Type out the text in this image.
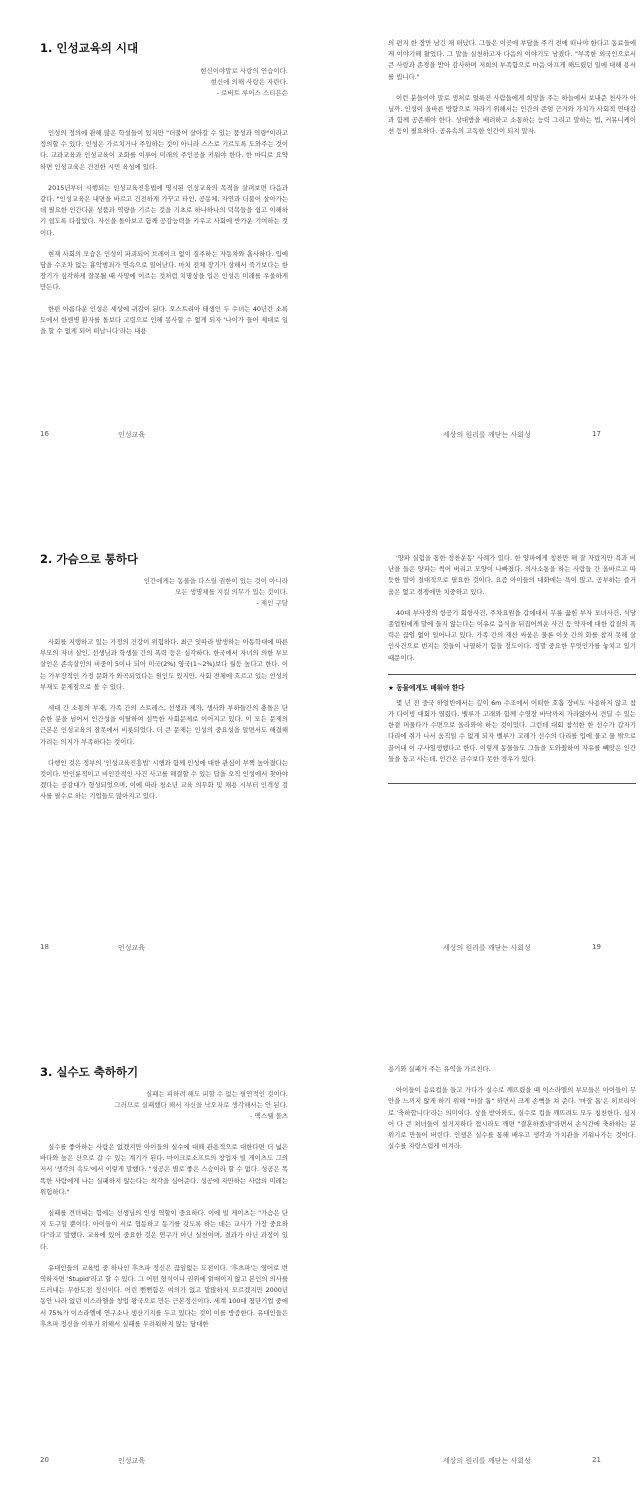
1. 인성교육의 시대
현신이야말로 사랑의 연습이다.
현신에 의해 사랑은 자란다.
- 로버트 루이스 스티븐슨

인성의 정의에 관해 많은 학설들이 있지만 "더불어 살아갈 수 있는 품성과 역량"이라고 정의할 수 있다. 인성은 가르치거나 주입하는 것이 아니라 스스로 기르도록 도와주는 것이다. 교과교육과 인성교육이 조화를 이루어 미래의 주인공을 키워야 한다. 한 마디로 요약하면 인성교육은 건전한 시민 육성에 있다.

2015년부터 시행되는 인성교육진흥법에 명시된 인성교육의 목적을 살펴보면 다음과 같다. "인성교육은 내면을 바르고 건전하게 가꾸고 타인, 공동체, 자연과 더불어 살아가는 데 필요한 인간다운 성품과 역량을 기르는 것을 기초로 하나하나의 덕목들을 쉽고 이해하기 쉽도록 다잡았다. 자신을 돌아보고 함께 공감능력을 키우고 사회에 반가운 기여하는 것이다.

현재 사회의 모습은 인성이 파괴되어 브레이크 없이 질주하는 자동차와 흡사하다. 입에 담을 수조차 없는 흉악범죄가 연속으로 일어난다. 마치 전체 장기가 상해서 죽기보다는 한 장기가 심각하게 잘못될 때 사망에 이르는 것처럼 치명상을 입은 인성은 미래를 우울하게 만든다.

한편 아름다운 인성은 세상에 귀감이 된다. 오스트리아 태생인 두 수녀는 40년간 소록도에서 한센병 환자를 돌보다 고령으로 인해 봉사할 수 없게 되자 '나이가 들어 제대로 일을 할 수 없게 되어 떠납니다'라는 내용

16	인성교육

의 편지 한 장만 남긴 채 떠났다. 그들은 이곳에 부담을 주기 전에 떠나야 한다고 동료들에게 이야기해 왔었다. 그 말을 실천하고자 다음의 이야기도 남겼다. "부족한 외국인으로서 큰 사랑과 존경을 받아 감사하며 저희의 부족함으로 마음 아프게 해드렸던 일에 대해 용서를 빕니다."

이런 분들이야 말로 생처로 얼룩진 사람들에게 희망을 주는 하늘에서 보내준 천사가 아닐까. 인성이 올바른 방향으로 자라기 위해서는 인간의 존엄 근거와 가치가 사회적 연대감과 함께 공존해야 한다. 상대방을 배려하고 소통하는 능력 그리고 말하는 법, 커뮤니케이션 등이 필요하다. 공유속의 고독한 인간이 되지 말자.

세상의 원리를 깨닫는 사회성	17
2. 가슴으로 통하다
인간에게는 동물을 다스릴 권한이 있는 것이 아니라
모든 생명체를 지킬 의무가 있는 것이다.
- 제인 구달

사회를 지탱하고 있는 가정의 건강이 위험하다. 최근 잇따라 발생하는 아동학대에 따른 부모의 자녀 살인, 선생님과 학생들 간의 폭력 등은 심각하다. 한국에서 자녀의 의한 부모 살인은 존속살인의 비중이 5이나 되어 미국(2%) 영국(1~2%)보다 월등 높다고 한다. 이는 가부장적인 가정 문화가 와곡되었다는 원인도 있지만, 사회 전체에 흐르고 있는 인성의 부재도 문제점으로 볼 수 있다.

세대 간 소통의 부재, 가족 간의 스트레스, 선생과 제자, 생사와 부하들간의 충돌은 단순한 분을 넘어서 인간성을 이탈하여 섬뜩한 사회문제로 이어지고 있다. 이 모든 문제의 근본은 인성교육의 잘못에서 비롯되었다. 더 큰 문제는 인성의 중요성을 알면서도 해결해가려는 의지가 부족하다는 것이다.

다행인 것은 정부의 '인성교육진흥법' 시행과 함께 인성에 대한 관심이 부쩍 높아졌다는 것이다. 반인륜적이고 비인간적인 사건 사고를 해결할 수 있는 답을 오직 인성에서 찾아야겠다는 공감대가 형성되었으며, 이에 따라 청소년 교육 의무화 및 채용 시부터 인격성 검사를 필수로 하는 기업들도 많아지고 있다.

18	인성교육

'양파 실험을 통한 정찬운동' 사례가 있다. 한 양파에게 칭찬만 해 잘 자랐지만 욕과 비난을 들은 양파는 썩어 버리고 모양이 나빠졌다. 의사소통을 하는 사람들 간 올바르고 따듯한 말이 절대적으로 필요한 것이다. 요즘 아이들의 대화에는 욕이 많고, 공부하는 즐거움은 없고 경쟁에만 치중하고 있다.

40대 부사장의 항공기 회항사건, 주차요원을 갑에대서 무릎 꿇힌 부자 모녀사건, 식당 종업원에게 말에 들지 않는다는 이유로 음식을 뒤집어씌운 사건 등 약자에 대한 갑질의 폭력은 끊임 없이 일어나고 있다. 가족 간의 재산 싸움은 물론 이웃 간의 화를 참지 못해 살인사건으로 번지는 것들이 나열하기 힘들 정도이다. 정말 중요한 무엇인가를 놓치고 있기 때문이다.

★ 동물에게도 배워야 한다

몇 년 전 중국 하얼빈에서는 깊이 6m 수조에서 어떠한 호흡 장비도 사용하지 않고 참가 다이빙 대회가 열렸다. 벨루가 고래와 함께 수영장 바닥까지 가라앉아서 견딜 수 있는 한곁 머물다가 수면으로 올라와야 하는 것이었다. 그런데 대회 참석한 한 선수가 갑자기 다리에 쥐가 나서 움직일 수 없게 되자 벨루가 고래가 선수의 다리를 입에 물고 물 밖으로 끌어내 이 구사일생했다고 한다. 이렇게 동물들도 그들을 도와줬하여 자유를 빼앗은 인간들을 돕고 사는데, 인간은 금수보다 못한 경우가 있다.

세상의 원리를 깨닫는 사회성	19
3. 실수도 축하하기
실패는 피하려 해도 피할 수 없는 필연적인 것이다.
그러므로 실패했다 해서 자신을 낙오자로 생각해서는 안 된다.
- 맥스웰 몰츠

실수를 좋아하는 사람은 없겠지만 아이들의 실수에 대해 관용적으로 대한다면 더 넓은 바다와 높은 산으로 갈 수 있는 계기가 된다. 마이크로소프트의 창업자 빌 게이츠도 그의 저서 '생각의 속도'에서 이렇게 말했다. "성공은 별로 좋은 스승이라 할 수 없다. 성공은 똑똑한 사람에게 나는 실패하지 않는다는 착각을 심어준다. 성공에 자만하는 사람의 미래는 위험하다."

실패를 견뎌내는 힘에는 선생님의 인성 역할이 중요하다. 이에 빌 게이츠는 "가슴은 단지 도구일 뿐이다. 아이들이 서로 협동하고 동기를 갖도록 하는 데는 교사가 가장 중요하다"라고 말했다. 교육에 있어 중요한 것은 연구가 아닌 실천이며, 결과가 아닌 과정이 있다.

유대인들의 교육법 중 하나인 후츠파 정신은 끊임없는 도전이다. '후츠파'는 영어로 번역하자면 'Stupid'라고 할 수 있다. 그 어떤 형식이나 권위에 얽매이지 않고 본인의 의사를 드러내는 무한도전 정신이다. 어린 뻔뻔함은 여의가 없고 말많하지 모르겠지만 2000년 동안 나라 없던 이스라엘을 창업 왕국으로 만든 근본정신이다. 세계 100대 첨단기업 중에서 75%가 이스라엘에 연구소나 생산기지를 두고 있다는 것이 이를 방증한다. 유대인들은 후츠파 정신을 이루기 위해서 실패를 두려워하지 않는 담대한

20	인성교육

용기와 실패가 주는 유익을 가르친다.

아이들이 음료컵을 들고 가다가 실수로 깨뜨렸을 때 이스라엘의 부모들은 아이들이 무안을 느끼지 않게 하기 위해 "마잘 톱" 하면서 크게 손뼉을 쳐 준다. '마잘 톱'은 히브리어로 '축하합니다'라는 의미이다. 상을 받아와도, 실수로 컵을 깨뜨려도 모두 칭찬한다. 심지어 다 큰 처녀들이 설거지하다 접시라도 깨면 "결혼하겠네"라면서 손식간에 축하하는 분위기로 만들어 버린다. 인생은 실수를 통해 배우고 생각과 가치관을 키워나가는 것이다. 실수를 자랑스럽게 여겨라.

세상의 원리를 깨닫는 사회성	21
